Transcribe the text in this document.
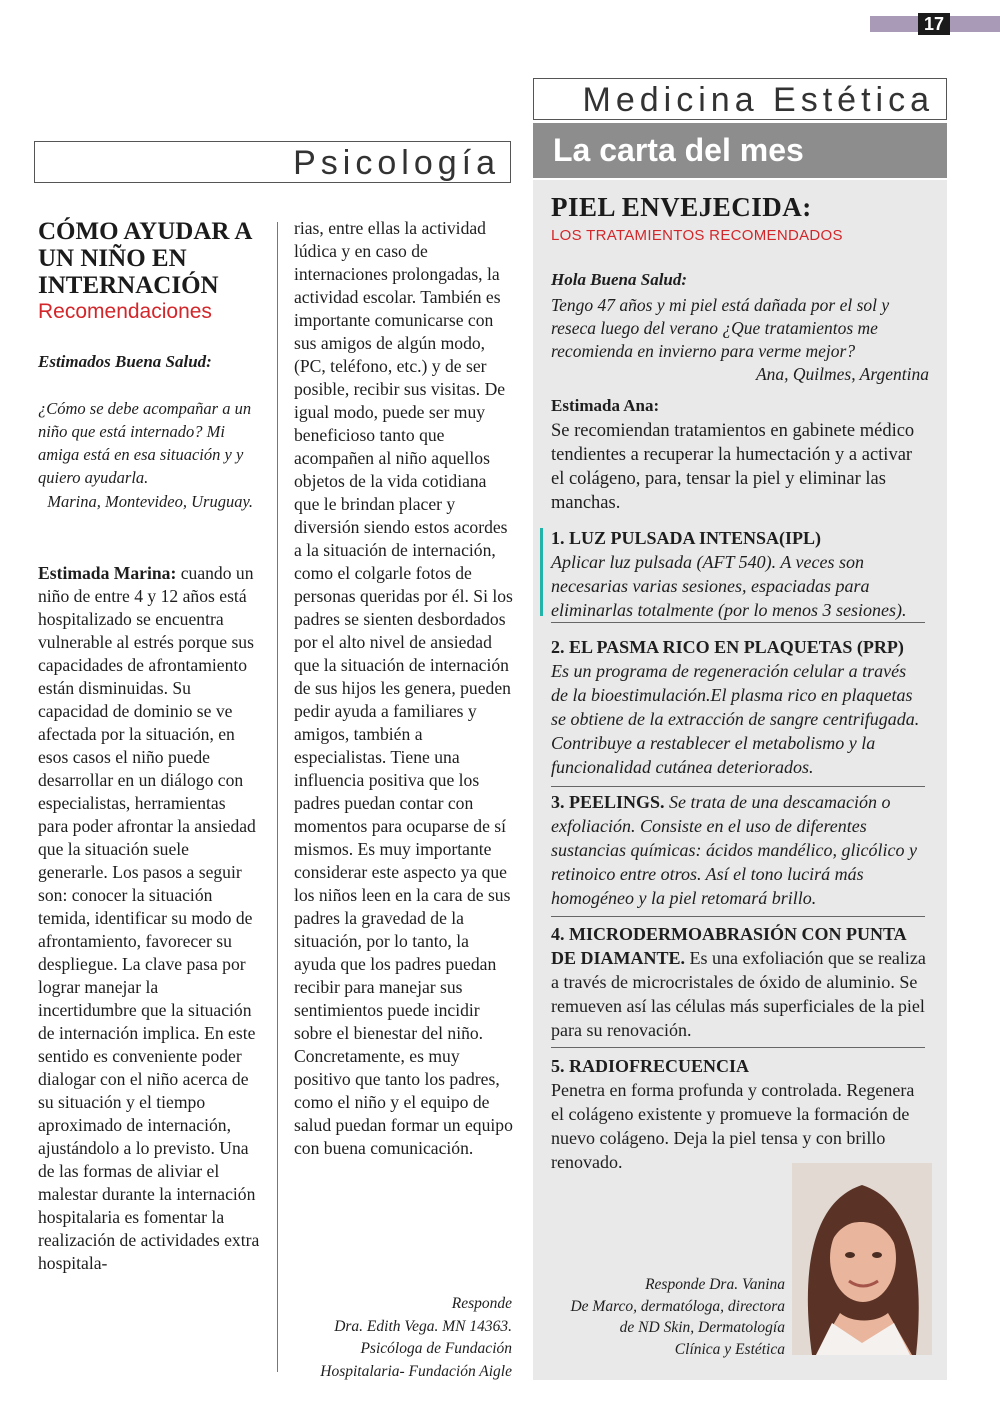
17
Psicología
Medicina Estética
CÓMO AYUDAR A UN NIÑO EN INTERNACIÓN
Recomendaciones
Estimados Buena Salud:
¿Cómo se debe acompañar a un niño que está internado? Mi amiga está en esa situación y y quiero ayudarla.
Marina, Montevideo, Uruguay.
Estimada Marina: cuando un niño de entre 4 y 12 años está hospitalizado se encuentra vulnerable al estrés porque sus capacidades de afrontamiento están disminuidas. Su capacidad de dominio se ve afectada por la situación, en esos casos el niño puede desarrollar en un diálogo con especialistas, herramientas para poder afrontar la ansiedad que la situación suele generarle. Los pasos a seguir son: conocer la situación temida, identificar su modo de afrontamiento, favorecer su despliegue. La clave pasa por lograr manejar la incertidumbre que la situación de internación implica. En este sentido es conveniente poder dialogar con el niño acerca de su situación y el tiempo aproximado de internación, ajustándolo a lo previsto. Una de las formas de aliviar el malestar durante la internación hospitalaria es fomentar la realización de actividades extra hospitala-
rias, entre ellas la actividad lúdica y en caso de internaciones prolongadas, la actividad escolar. También es importante comunicarse con sus amigos de algún modo, (PC, teléfono, etc.) y de ser posible, recibir sus visitas. De igual modo, puede ser muy beneficioso tanto que acompañen al niño aquellos objetos de la vida cotidiana que le brindan placer y diversión siendo estos acordes a la situación de internación, como el colgarle fotos de personas queridas por él. Si los padres se sienten desbordados por el alto nivel de ansiedad que la situación de internación de sus hijos les genera, pueden pedir ayuda a familiares y amigos, también a especialistas. Tiene una influencia positiva que los padres puedan contar con momentos para ocuparse de sí mismos. Es muy importante considerar este aspecto ya que los niños leen en la cara de sus padres la gravedad de la situación, por lo tanto, la ayuda que los padres puedan recibir para manejar sus sentimientos puede incidir sobre el bienestar del niño. Concretamente, es muy positivo que tanto los padres, como el niño y el equipo de salud puedan formar un equipo con buena comunicación.
Responde
Dra. Edith Vega. MN 14363.
Psicóloga de Fundación
Hospitalaria- Fundación Aigle
La carta del mes
PIEL ENVEJECIDA:
LOS TRATAMIENTOS RECOMENDADOS
Hola Buena Salud:
Tengo 47 años y mi piel está dañada por el sol y reseca luego del verano ¿Que tratamientos me recomienda en invierno para verme mejor?
Ana, Quilmes, Argentina
Estimada Ana:
Se recomiendan tratamientos en gabinete médico tendientes a recuperar la humectación y a activar el colágeno, para, tensar la piel y eliminar las manchas.
1. LUZ PULSADA INTENSA(IPL)
Aplicar luz pulsada (AFT 540). A veces son necesarias varias sesiones, espaciadas para eliminarlas totalmente (por lo menos 3 sesiones).
2. EL PASMA RICO EN PLAQUETAS (PRP)
Es un programa de regeneración celular a través de la bioestimulación.El plasma rico en plaquetas se obtiene de la extracción de sangre centrifugada. Contribuye a restablecer el metabolismo y la funcionalidad cutánea deteriorados.
3. PEELINGS. Se trata de una descamación o exfoliación. Consiste en el uso de diferentes sustancias químicas: ácidos mandélico, glicólico y retinoico entre otros. Así el tono lucirá más homogéneo y la piel retomará brillo.
4. MICRODERMOABRASIÓN CON PUNTA DE DIAMANTE. Es una exfoliación que se realiza a través de microcristales de óxido de aluminio. Se remueven así las células más superficiales de la piel para su renovación.
5. RADIOFRECUENCIA
Penetra en forma profunda y controlada. Regenera el colágeno existente y promueve la formación de nuevo colágeno. Deja la piel tensa y con brillo renovado.
Responde Dra. Vanina
De Marco, dermatóloga, directora
de ND Skin, Dermatología
Clínica y Estética
